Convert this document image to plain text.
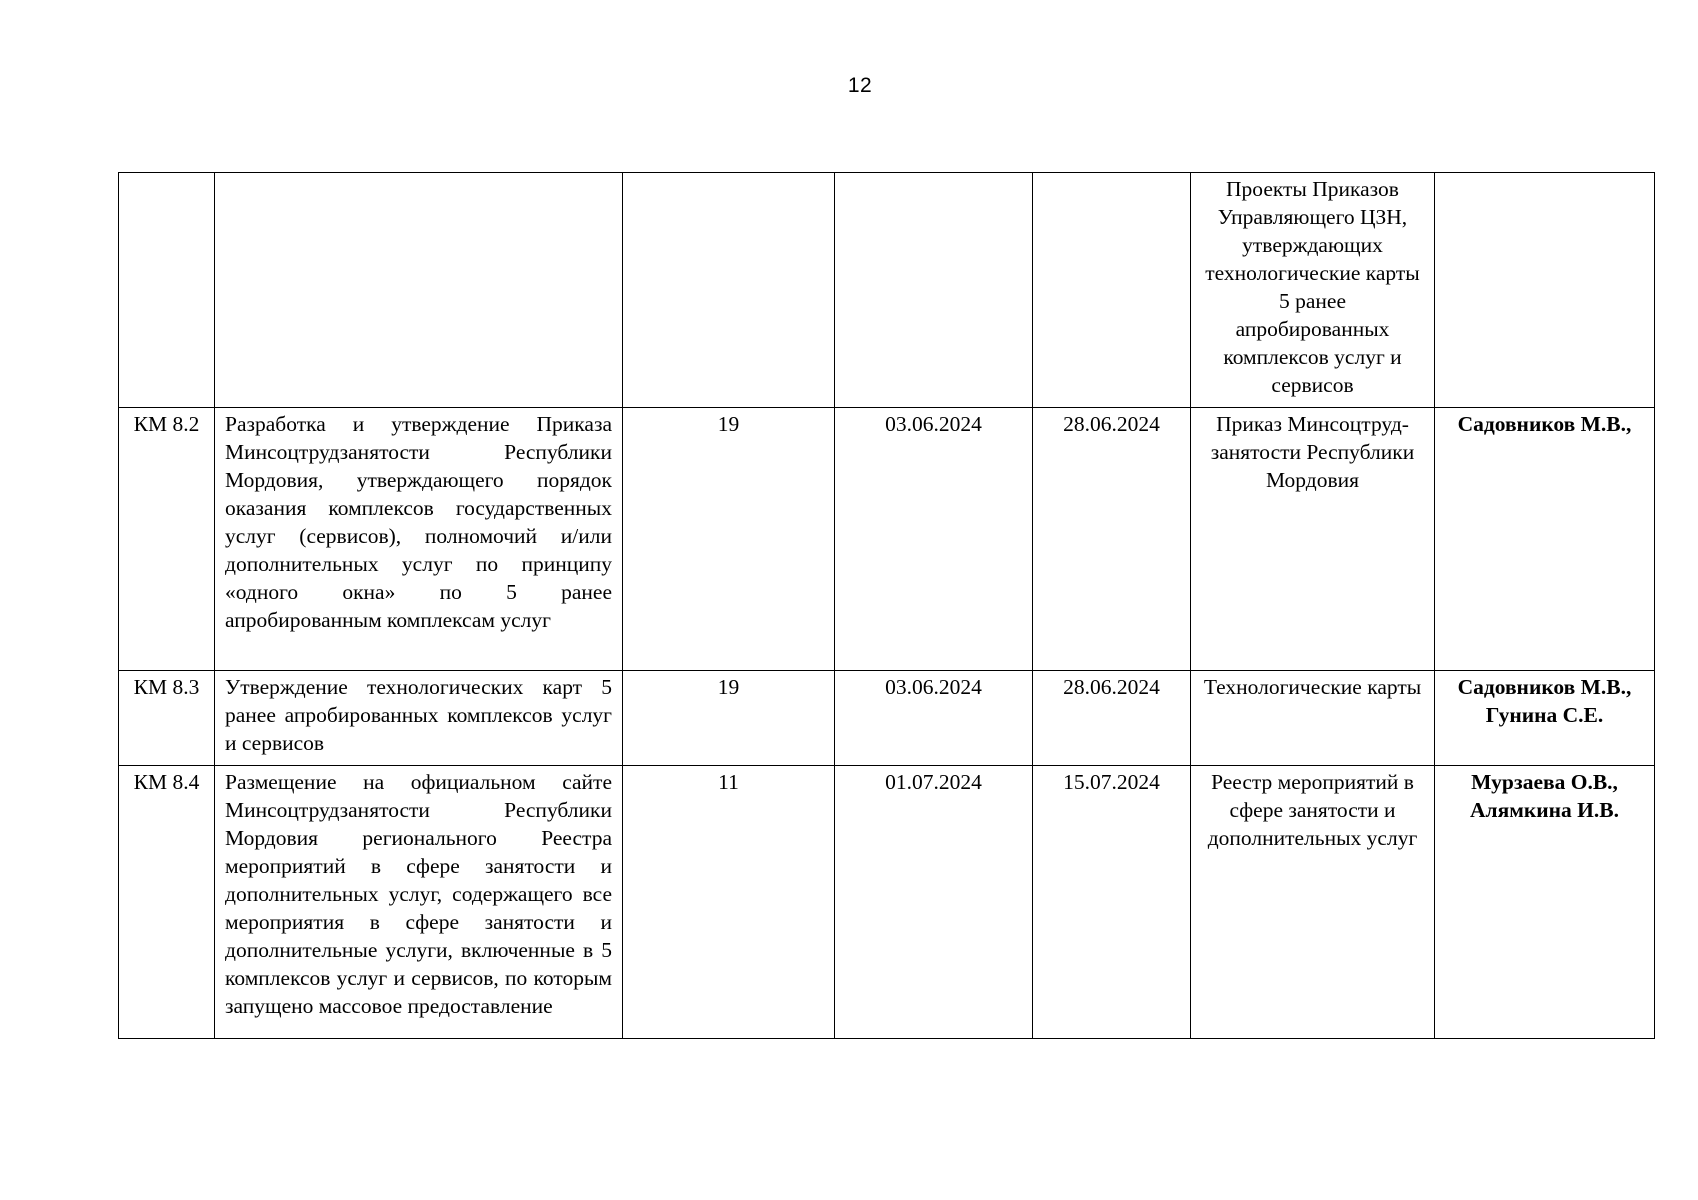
12
					Проекты Приказов Управляющего ЦЗН, утверждающих технологические карты 5 ранее апробированных комплексов услуг и сервисов	
КМ 8.2	Разработка и утверждение Приказа Минсоцтрудзанятости Республики Мордовия, утверждающего порядок оказания комплексов государственных услуг (сервисов), полномочий и/или дополнительных услуг по принципу «одного окна» по 5 ранее апробированным комплексам услуг	19	03.06.2024	28.06.2024	Приказ Минсоцтруд-занятости Республики Мордовия	Садовников М.В.,
КМ 8.3	Утверждение технологических карт 5 ранее апробированных комплексов услуг и сервисов	19	03.06.2024	28.06.2024	Технологические карты	Садовников М.В., Гунина С.Е.
КМ 8.4	Размещение на официальном сайте Минсоцтрудзанятости Республики Мордовия регионального Реестра мероприятий в сфере занятости и дополнительных услуг, содержащего все мероприятия в сфере занятости и дополнительные услуги, включенные в 5 комплексов услуг и сервисов, по которым запущено массовое предоставление	11	01.07.2024	15.07.2024	Реестр мероприятий в сфере занятости и дополнительных услуг	Мурзаева О.В., Алямкина И.В.
